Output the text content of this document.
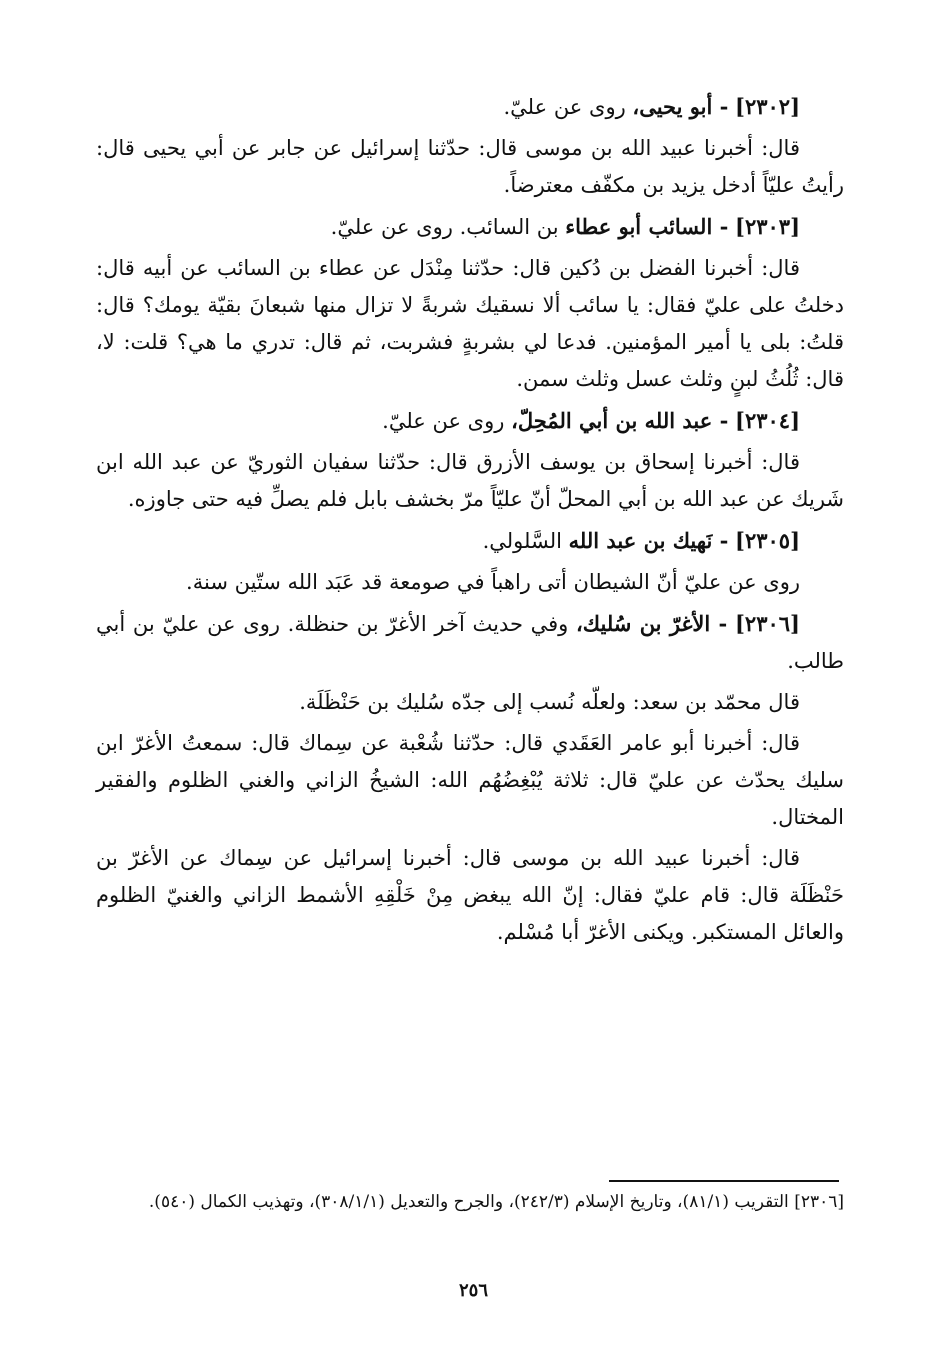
[٢٣٠٢] - أبو يحيى، روى عن عليّ.

قال: أخبرنا عبيد الله بن موسى قال: حدّثنا إسرائيل عن جابر عن أبي يحيى قال: رأيتُ عليّاً أدخل يزيد بن مكفّف معترضاً.

[٢٣٠٣] - السائب أبو عطاء بن السائب. روى عن عليّ.

قال: أخبرنا الفضل بن دُكين قال: حدّثنا مِنْدَل عن عطاء بن السائب عن أبيه قال: دخلتُ على عليّ فقال: يا سائب ألا نسقيك شربةً لا تزال منها شبعانَ بقيّة يومك؟ قال: قلتُ: بلى يا أمير المؤمنين. فدعا لي بشربةٍ فشربت، ثم قال: تدري ما هي؟ قلت: لا، قال: ثُلُثُ لبنٍ وثلث عسل وثلث سمن.

[٢٣٠٤] - عبد الله بن أبي المُحِلّ، روى عن عليّ.

قال: أخبرنا إسحاق بن يوسف الأزرق قال: حدّثنا سفيان الثوريّ عن عبد الله ابن شَريك عن عبد الله بن أبي المحلّ أنّ عليّاً مرّ بخشف بابل فلم يصلِّ فيه حتى جاوزه.

[٢٣٠٥] - نَهيك بن عبد الله السَّلولي.

روى عن عليّ أنّ الشيطان أتى راهباً في صومعة قد عَبَد الله ستّين سنة.

[٢٣٠٦] - الأغرّ بن سُليك، وفي حديث آخر الأغرّ بن حنظلة. روى عن عليّ بن أبي طالب.

قال محمّد بن سعد: ولعلّه نُسب إلى جدّه سُليك بن حَنْظَلَة.

قال: أخبرنا أبو عامر العَقَدي قال: حدّثنا شُعْبة عن سِماك قال: سمعتُ الأغرّ ابن سليك يحدّث عن عليّ قال: ثلاثة يُبْغِضُهُم الله: الشيخُ الزاني والغني الظلوم والفقير المختال.

قال: أخبرنا عبيد الله بن موسى قال: أخبرنا إسرائيل عن سِماك عن الأغرّ بن حَنْظَلَة قال: قام عليّ فقال: إنّ الله يبغض مِنْ خَلْقِهِ الأشمط الزاني والغنيّ الظلوم والعائل المستكبر. ويكنى الأغرّ أبا مُسْلم.

[٢٣٠٦] التقريب (٨١/١)، وتاريخ الإسلام (٢٤٢/٣)، والجرح والتعديل (٣٠٨/١/١)، وتهذيب الكمال (٥٤٠).
٢٥٦
